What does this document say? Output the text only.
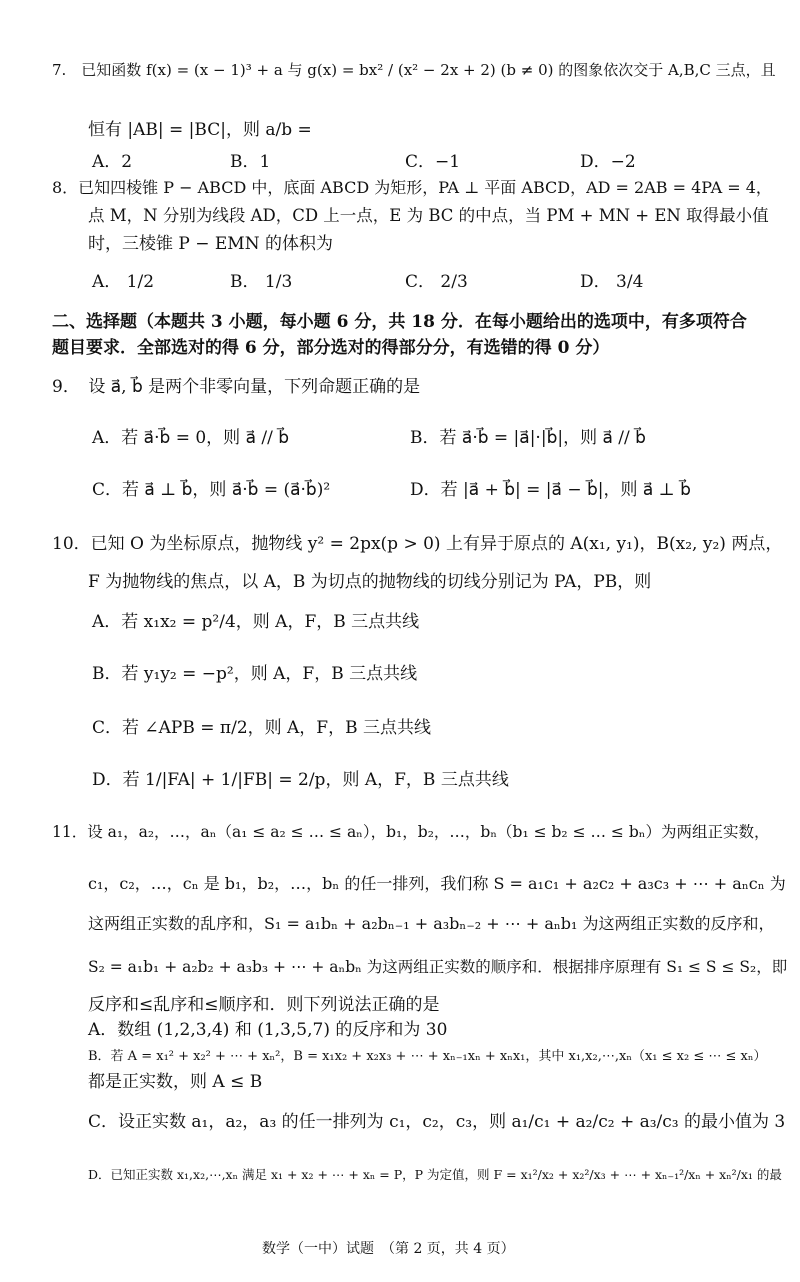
7.　已知函数 f(x) = (x − 1)³ + a 与 g(x) = bx² / (x² − 2x + 2) (b ≠ 0) 的图象依次交于 A,B,C 三点，且
恒有 |AB| = |BC|，则 a/b =
A．2	B．1	C．−1	D．−2
8．已知四棱锥 P − ABCD 中，底面 ABCD 为矩形，PA ⊥ 平面 ABCD，AD = 2AB = 4PA = 4，
点 M，N 分别为线段 AD，CD 上一点，E 为 BC 的中点，当 PM + MN + EN 取得最小值
时，三棱锥 P − EMN 的体积为
A． 1/2	B． 1/3	C． 2/3	D． 3/4
二、选择题（本题共 3 小题，每小题 6 分，共 18 分．在每小题给出的选项中，有多项符合
题目要求．全部选对的得 6 分，部分选对的得部分分，有选错的得 0 分）
9．　设 a⃗, b⃗ 是两个非零向量，下列命题正确的是
A．若 a⃗·b⃗ = 0，则 a⃗ // b⃗	B．若 a⃗·b⃗ = |a⃗|·|b⃗|，则 a⃗ // b⃗
C．若 a⃗ ⊥ b⃗，则 a⃗·b⃗ = (a⃗·b⃗)²	D．若 |a⃗ + b⃗| = |a⃗ − b⃗|，则 a⃗ ⊥ b⃗
10．已知 O 为坐标原点，抛物线 y² = 2px(p > 0) 上有异于原点的 A(x₁, y₁)，B(x₂, y₂) 两点，
F 为抛物线的焦点，以 A，B 为切点的抛物线的切线分别记为 PA，PB，则
A．若 x₁x₂ = p²/4，则 A，F，B 三点共线
B．若 y₁y₂ = −p²，则 A，F，B 三点共线
C．若 ∠APB = π/2，则 A，F，B 三点共线
D．若 1/|FA| + 1/|FB| = 2/p，则 A，F，B 三点共线
11．设 a₁，a₂，…，aₙ（a₁ ≤ a₂ ≤ … ≤ aₙ），b₁，b₂，…，bₙ（b₁ ≤ b₂ ≤ … ≤ bₙ）为两组正实数，
c₁，c₂，…，cₙ 是 b₁，b₂，…，bₙ 的任一排列，我们称 S = a₁c₁ + a₂c₂ + a₃c₃ + ⋯ + aₙcₙ 为
这两组正实数的乱序和，S₁ = a₁bₙ + a₂bₙ₋₁ + a₃bₙ₋₂ + ⋯ + aₙb₁ 为这两组正实数的反序和，
S₂ = a₁b₁ + a₂b₂ + a₃b₃ + ⋯ + aₙbₙ 为这两组正实数的顺序和．根据排序原理有 S₁ ≤ S ≤ S₂，即
反序和≤乱序和≤顺序和．则下列说法正确的是
A．数组 (1,2,3,4) 和 (1,3,5,7) 的反序和为 30
B．若 A = x₁² + x₂² + ⋯ + xₙ²，B = x₁x₂ + x₂x₃ + ⋯ + xₙ₋₁xₙ + xₙx₁，其中 x₁,x₂,⋯,xₙ（x₁ ≤ x₂ ≤ ⋯ ≤ xₙ）
都是正实数，则 A ≤ B
C．设正实数 a₁，a₂，a₃ 的任一排列为 c₁，c₂，c₃，则 a₁/c₁ + a₂/c₂ + a₃/c₃ 的最小值为 3
D．已知正实数 x₁,x₂,⋯,xₙ 满足 x₁ + x₂ + ⋯ + xₙ = P，P 为定值，则 F = x₁²/x₂ + x₂²/x₃ + ⋯ + xₙ₋₁²/xₙ + xₙ²/x₁ 的最
数学（一中）试题　（第 2 页，共 4 页）
